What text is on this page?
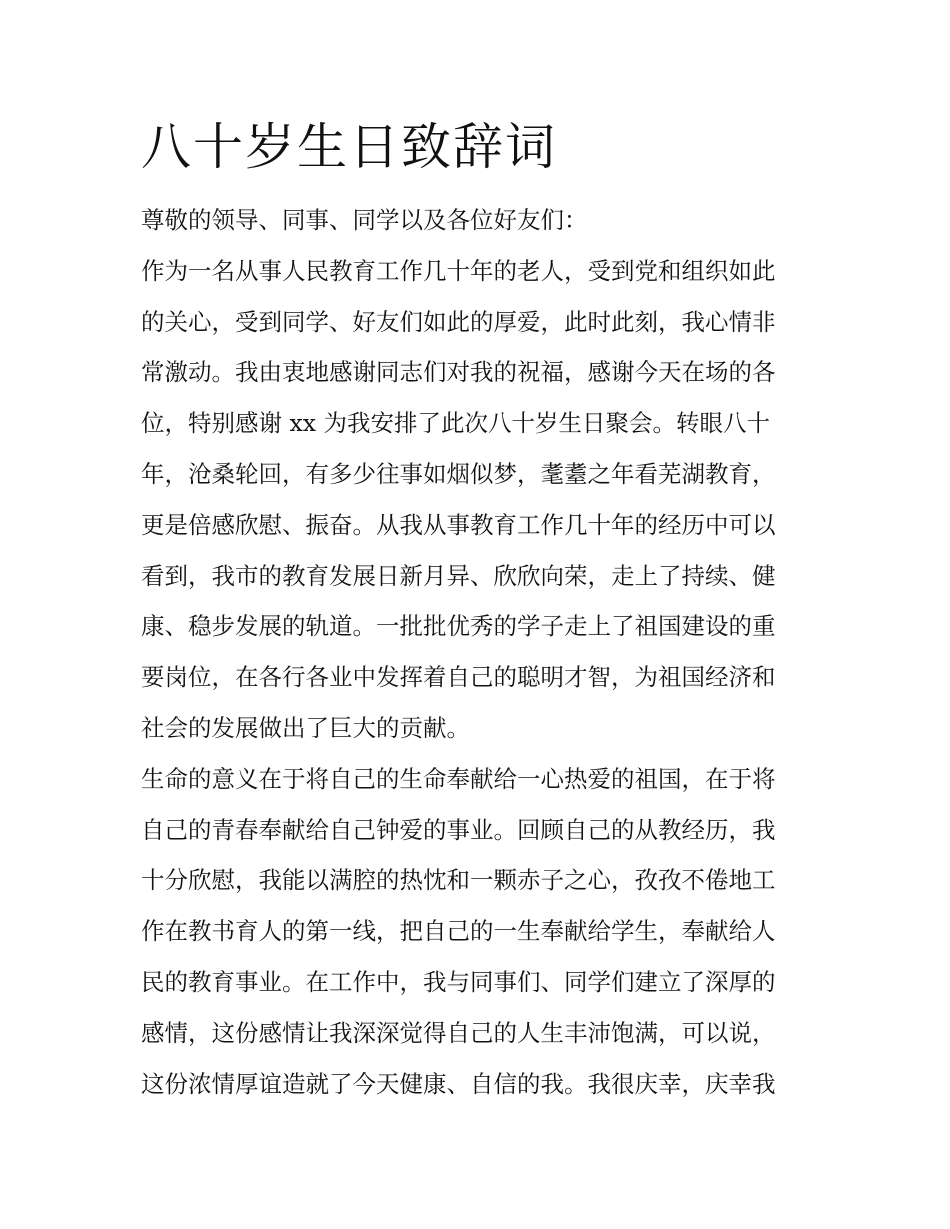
八十岁生日致辞词
尊敬的领导、同事、同学以及各位好友们：
作为一名从事人民教育工作几十年的老人，受到党和组织如此
的关心，受到同学、好友们如此的厚爱，此时此刻，我心情非
常激动。我由衷地感谢同志们对我的祝福，感谢今天在场的各
位，特别感谢 xx 为我安排了此次八十岁生日聚会。转眼八十
年，沧桑轮回，有多少往事如烟似梦，耄耋之年看芜湖教育，
更是倍感欣慰、振奋。从我从事教育工作几十年的经历中可以
看到，我市的教育发展日新月异、欣欣向荣，走上了持续、健
康、稳步发展的轨道。一批批优秀的学子走上了祖国建设的重
要岗位，在各行各业中发挥着自己的聪明才智，为祖国经济和
社会的发展做出了巨大的贡献。
生命的意义在于将自己的生命奉献给一心热爱的祖国，在于将
自己的青春奉献给自己钟爱的事业。回顾自己的从教经历，我
十分欣慰，我能以满腔的热忱和一颗赤子之心，孜孜不倦地工
作在教书育人的第一线，把自己的一生奉献给学生，奉献给人
民的教育事业。在工作中，我与同事们、同学们建立了深厚的
感情，这份感情让我深深觉得自己的人生丰沛饱满，可以说，
这份浓情厚谊造就了今天健康、自信的我。我很庆幸，庆幸我
